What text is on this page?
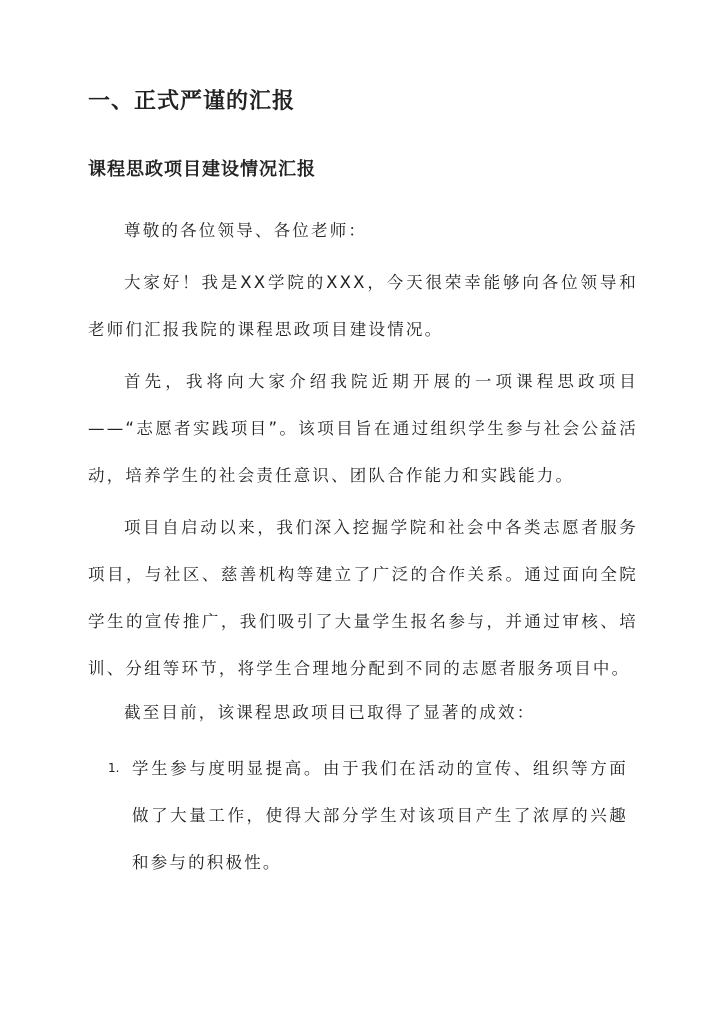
一、正式严谨的汇报
课程思政项目建设情况汇报
尊敬的各位领导、各位老师：
大家好！我是XX学院的XXX，今天很荣幸能够向各位领导和老师们汇报我院的课程思政项目建设情况。
首先，我将向大家介绍我院近期开展的一项课程思政项目——“志愿者实践项目”。该项目旨在通过组织学生参与社会公益活动，培养学生的社会责任意识、团队合作能力和实践能力。
项目自启动以来，我们深入挖掘学院和社会中各类志愿者服务项目，与社区、慈善机构等建立了广泛的合作关系。通过面向全院学生的宣传推广，我们吸引了大量学生报名参与，并通过审核、培训、分组等环节，将学生合理地分配到不同的志愿者服务项目中。
截至目前，该课程思政项目已取得了显著的成效：
1. 学生参与度明显提高。由于我们在活动的宣传、组织等方面做了大量工作，使得大部分学生对该项目产生了浓厚的兴趣和参与的积极性。
